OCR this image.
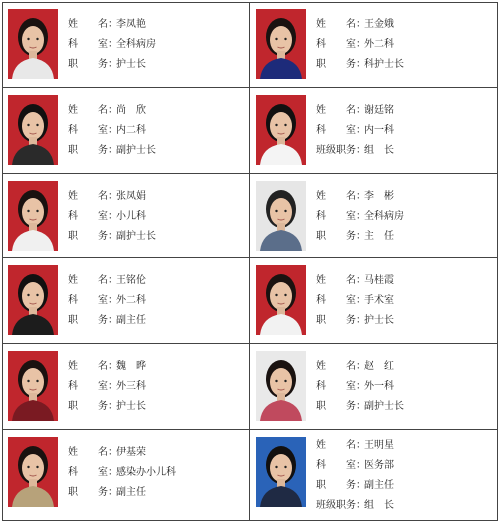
姓　　名：李凤艳
科　　室：全科病房
职　　务：护士长
姓　　名：王金娥
科　　室：外二科
职　　务：科护士长
姓　　名：尚　欣
科　　室：内二科
职　　务：副护士长
姓　　名：谢廷铭
科　　室：内一科
班级职务：组　长
姓　　名：张凤娟
科　　室：小儿科
职　　务：副护士长
姓　　名：李　彬
科　　室：全科病房
职　　务：主　任
姓　　名：王铭伦
科　　室：外二科
职　　务：副主任
姓　　名：马桂霞
科　　室：手术室
职　　务：护士长
姓　　名：魏　晔
科　　室：外三科
职　　务：护士长
姓　　名：赵　红
科　　室：外一科
职　　务：副护士长
姓　　名：伊基荣
科　　室：感染办小儿科
职　　务：副主任
姓　　名：王明星
科　　室：医务部
职　　务：副主任
班级职务：组　长
